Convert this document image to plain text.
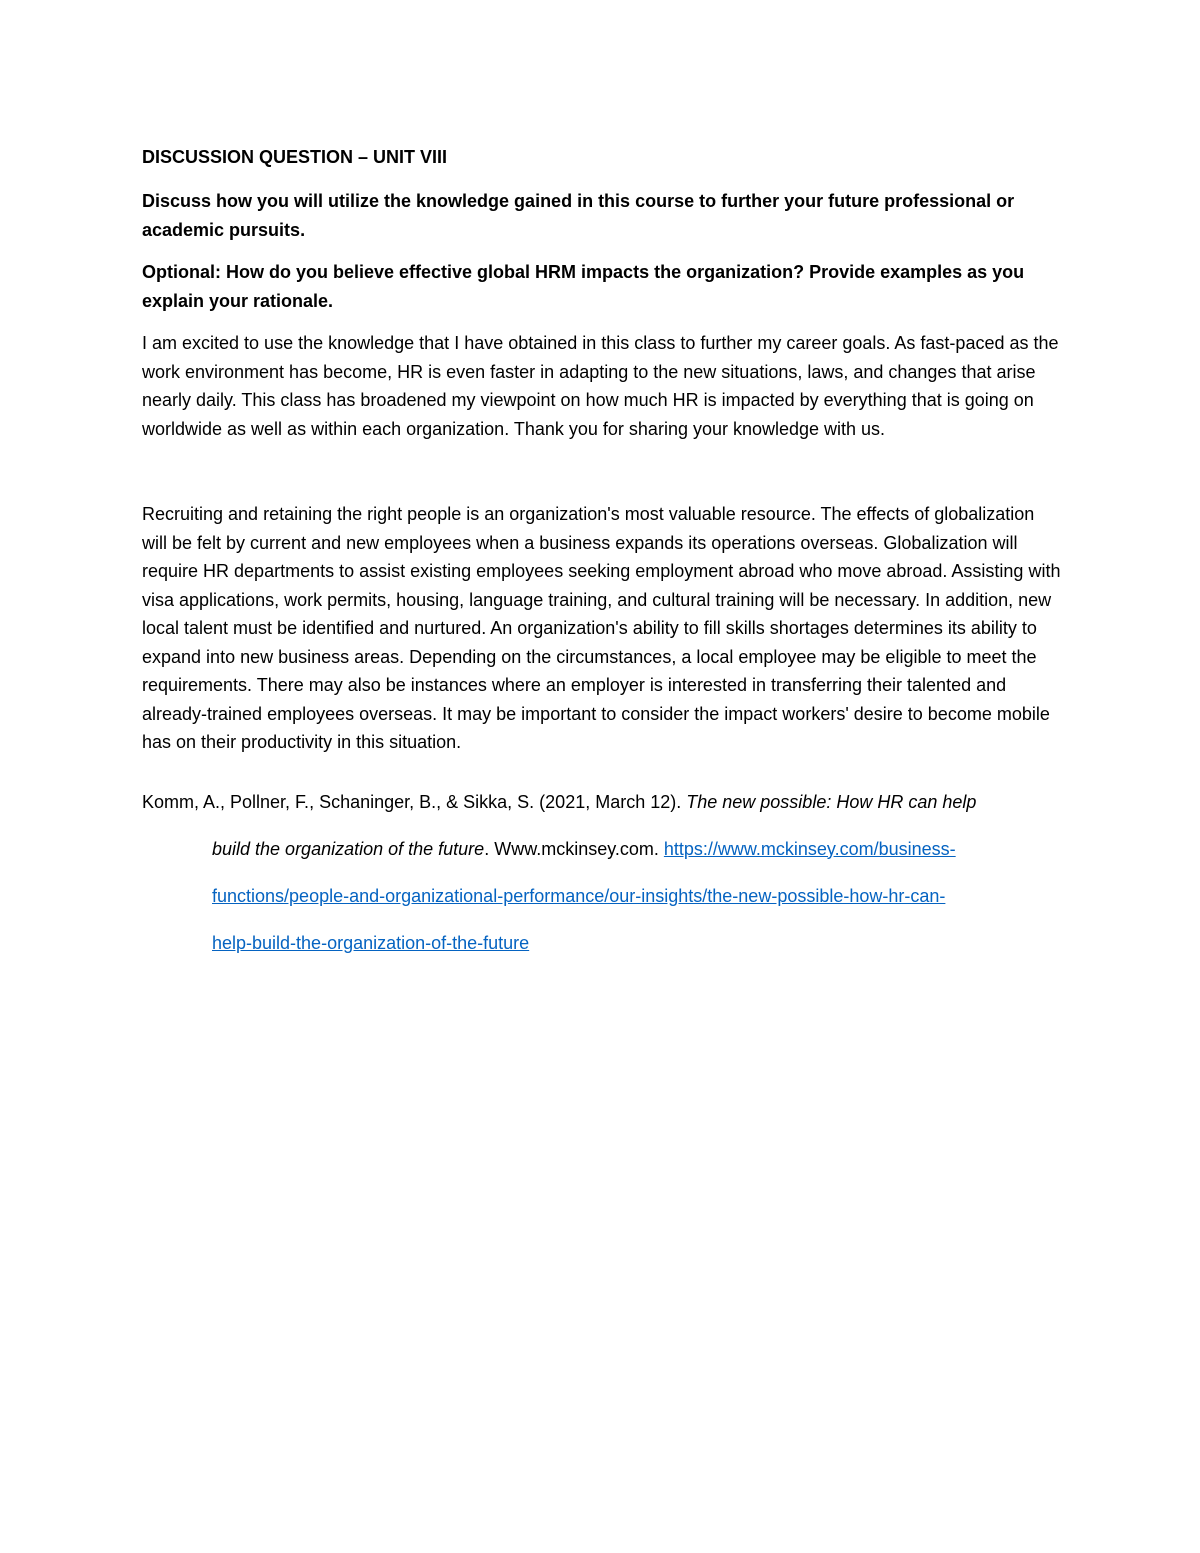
DISCUSSION QUESTION – UNIT VIII

Discuss how you will utilize the knowledge gained in this course to further your future professional or academic pursuits.

Optional: How do you believe effective global HRM impacts the organization? Provide examples as you explain your rationale.

I am excited to use the knowledge that I have obtained in this class to further my career goals. As fast-paced as the work environment has become, HR is even faster in adapting to the new situations, laws, and changes that arise nearly daily. This class has broadened my viewpoint on how much HR is impacted by everything that is going on worldwide as well as within each organization. Thank you for sharing your knowledge with us.

Recruiting and retaining the right people is an organization's most valuable resource. The effects of globalization will be felt by current and new employees when a business expands its operations overseas. Globalization will require HR departments to assist existing employees seeking employment abroad who move abroad. Assisting with visa applications, work permits, housing, language training, and cultural training will be necessary. In addition, new local talent must be identified and nurtured. An organization's ability to fill skills shortages determines its ability to expand into new business areas. Depending on the circumstances, a local employee may be eligible to meet the requirements. There may also be instances where an employer is interested in transferring their talented and already-trained employees overseas. It may be important to consider the impact workers' desire to become mobile has on their productivity in this situation.

Komm, A., Pollner, F., Schaninger, B., & Sikka, S. (2021, March 12). The new possible: How HR can help
build the organization of the future. Www.mckinsey.com. https://www.mckinsey.com/business-
functions/people-and-organizational-performance/our-insights/the-new-possible-how-hr-can-
help-build-the-organization-of-the-future
